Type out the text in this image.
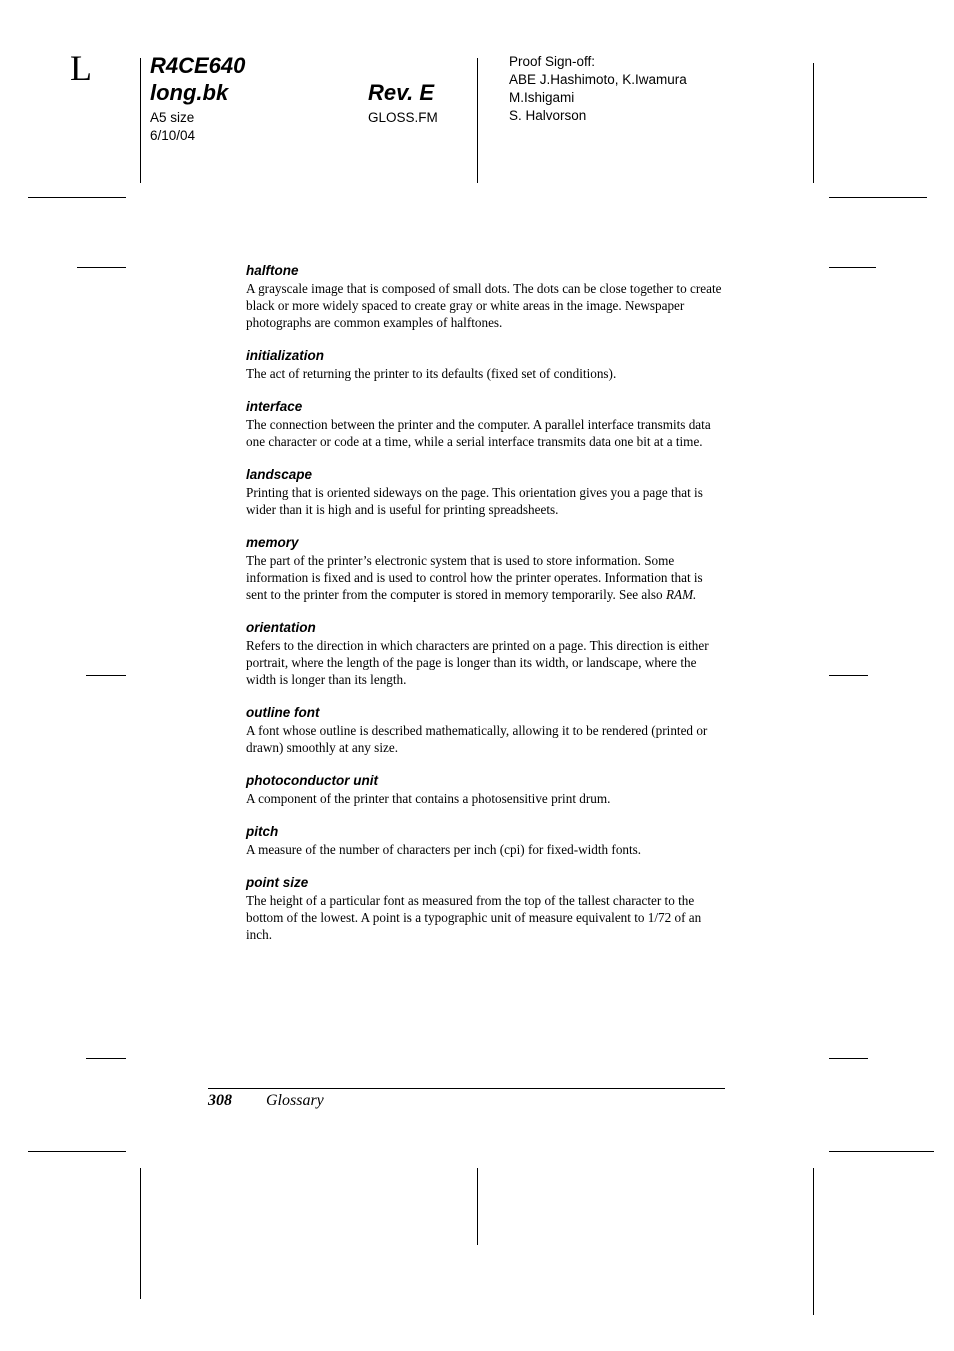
L	R4CE640
long.bk
A5 size
6/10/04
Rev. E
GLOSS.FM
Proof Sign-off:
ABE J.Hashimoto, K.Iwamura
M.Ishigami
S. Halvorson
halftone
A grayscale image that is composed of small dots. The dots can be close together to create black or more widely spaced to create gray or white areas in the image. Newspaper photographs are common examples of halftones.
initialization
The act of returning the printer to its defaults (fixed set of conditions).
interface
The connection between the printer and the computer. A parallel interface transmits data one character or code at a time, while a serial interface transmits data one bit at a time.
landscape
Printing that is oriented sideways on the page. This orientation gives you a page that is wider than it is high and is useful for printing spreadsheets.
memory
The part of the printer’s electronic system that is used to store information. Some information is fixed and is used to control how the printer operates. Information that is sent to the printer from the computer is stored in memory temporarily. See also RAM.
orientation
Refers to the direction in which characters are printed on a page. This direction is either portrait, where the length of the page is longer than its width, or landscape, where the width is longer than its length.
outline font
A font whose outline is described mathematically, allowing it to be rendered (printed or drawn) smoothly at any size.
photoconductor unit
A component of the printer that contains a photosensitive print drum.
pitch
A measure of the number of characters per inch (cpi) for fixed-width fonts.
point size
The height of a particular font as measured from the top of the tallest character to the bottom of the lowest. A point is a typographic unit of measure equivalent to 1/72 of an inch.
308 Glossary
